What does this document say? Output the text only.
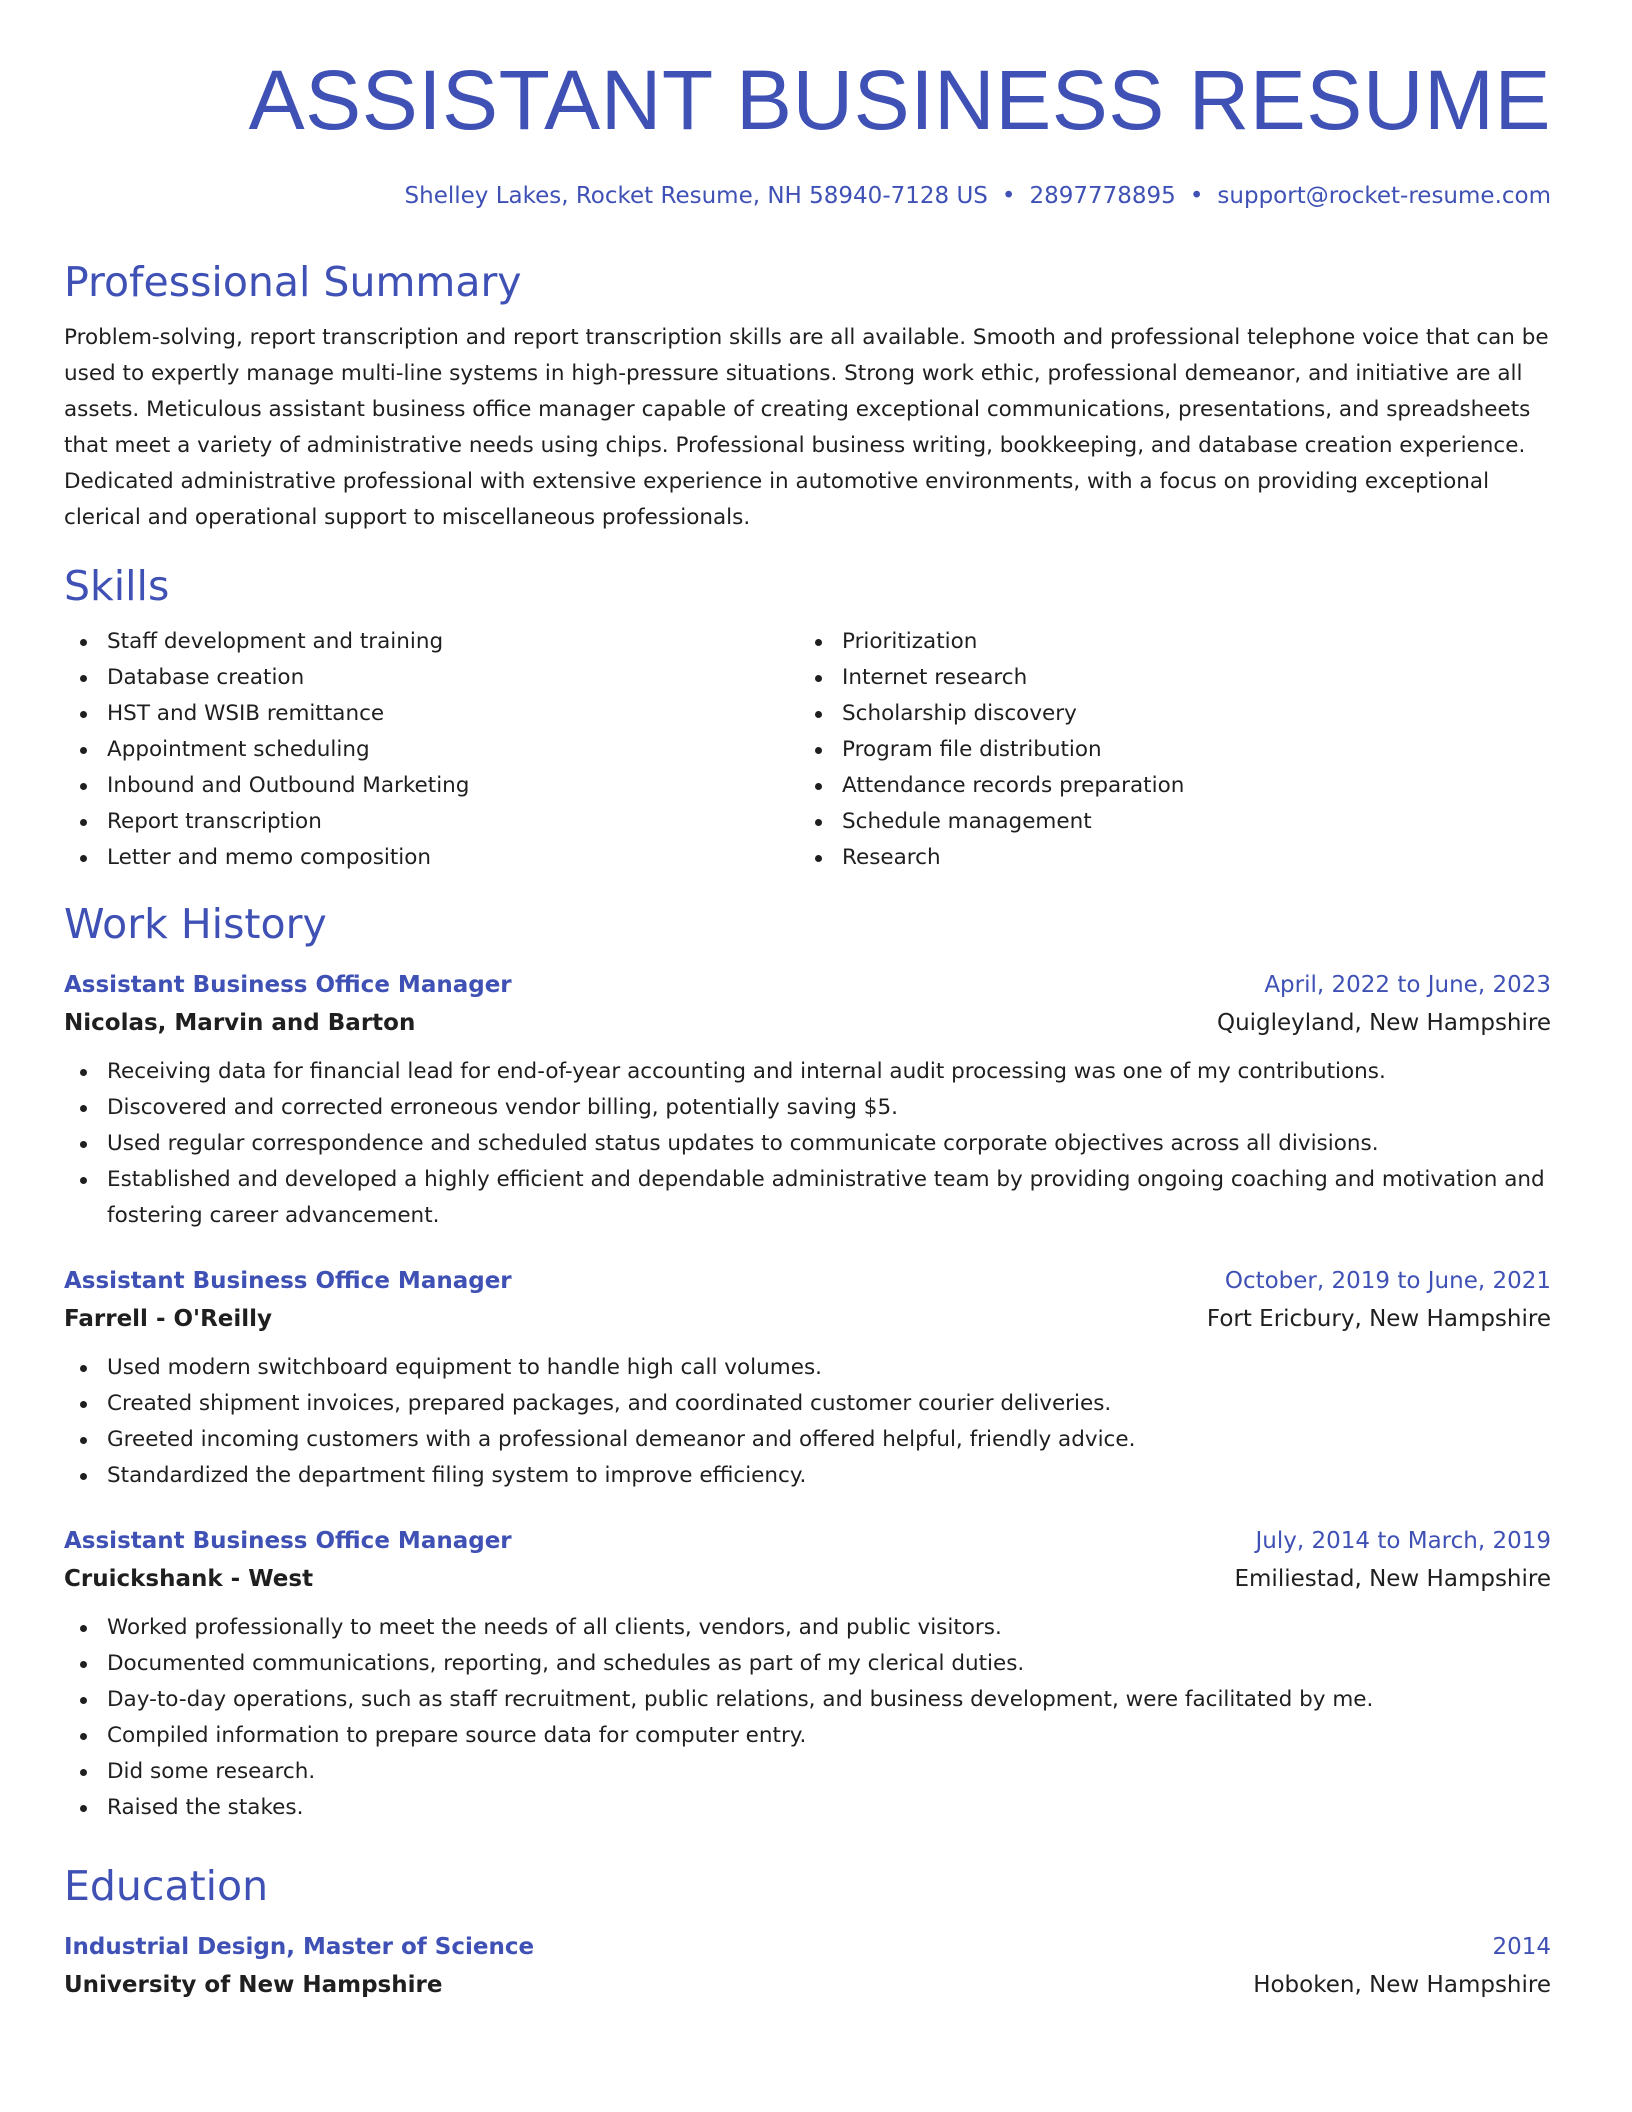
ASSISTANT BUSINESS RESUME
Shelley Lakes, Rocket Resume, NH 58940-7128 US • 2897778895 • support@rocket-resume.com
Professional Summary
Problem-solving, report transcription and report transcription skills are all available. Smooth and professional telephone voice that can be used to expertly manage multi-line systems in high-pressure situations. Strong work ethic, professional demeanor, and initiative are all assets. Meticulous assistant business office manager capable of creating exceptional communications, presentations, and spreadsheets that meet a variety of administrative needs using chips. Professional business writing, bookkeeping, and database creation experience. Dedicated administrative professional with extensive experience in automotive environments, with a focus on providing exceptional clerical and operational support to miscellaneous professionals.
Skills
Staff development and training
Database creation
HST and WSIB remittance
Appointment scheduling
Inbound and Outbound Marketing
Report transcription
Letter and memo composition
Prioritization
Internet research
Scholarship discovery
Program file distribution
Attendance records preparation
Schedule management
Research
Work History
Assistant Business Office Manager	April, 2022 to June, 2023
Nicolas, Marvin and Barton	Quigleyland, New Hampshire
Receiving data for financial lead for end-of-year accounting and internal audit processing was one of my contributions.
Discovered and corrected erroneous vendor billing, potentially saving $5.
Used regular correspondence and scheduled status updates to communicate corporate objectives across all divisions.
Established and developed a highly efficient and dependable administrative team by providing ongoing coaching and motivation and fostering career advancement.
Assistant Business Office Manager	October, 2019 to June, 2021
Farrell - O'Reilly	Fort Ericbury, New Hampshire
Used modern switchboard equipment to handle high call volumes.
Created shipment invoices, prepared packages, and coordinated customer courier deliveries.
Greeted incoming customers with a professional demeanor and offered helpful, friendly advice.
Standardized the department filing system to improve efficiency.
Assistant Business Office Manager	July, 2014 to March, 2019
Cruickshank - West	Emiliestad, New Hampshire
Worked professionally to meet the needs of all clients, vendors, and public visitors.
Documented communications, reporting, and schedules as part of my clerical duties.
Day-to-day operations, such as staff recruitment, public relations, and business development, were facilitated by me.
Compiled information to prepare source data for computer entry.
Did some research.
Raised the stakes.
Education
Industrial Design, Master of Science	2014
University of New Hampshire	Hoboken, New Hampshire
